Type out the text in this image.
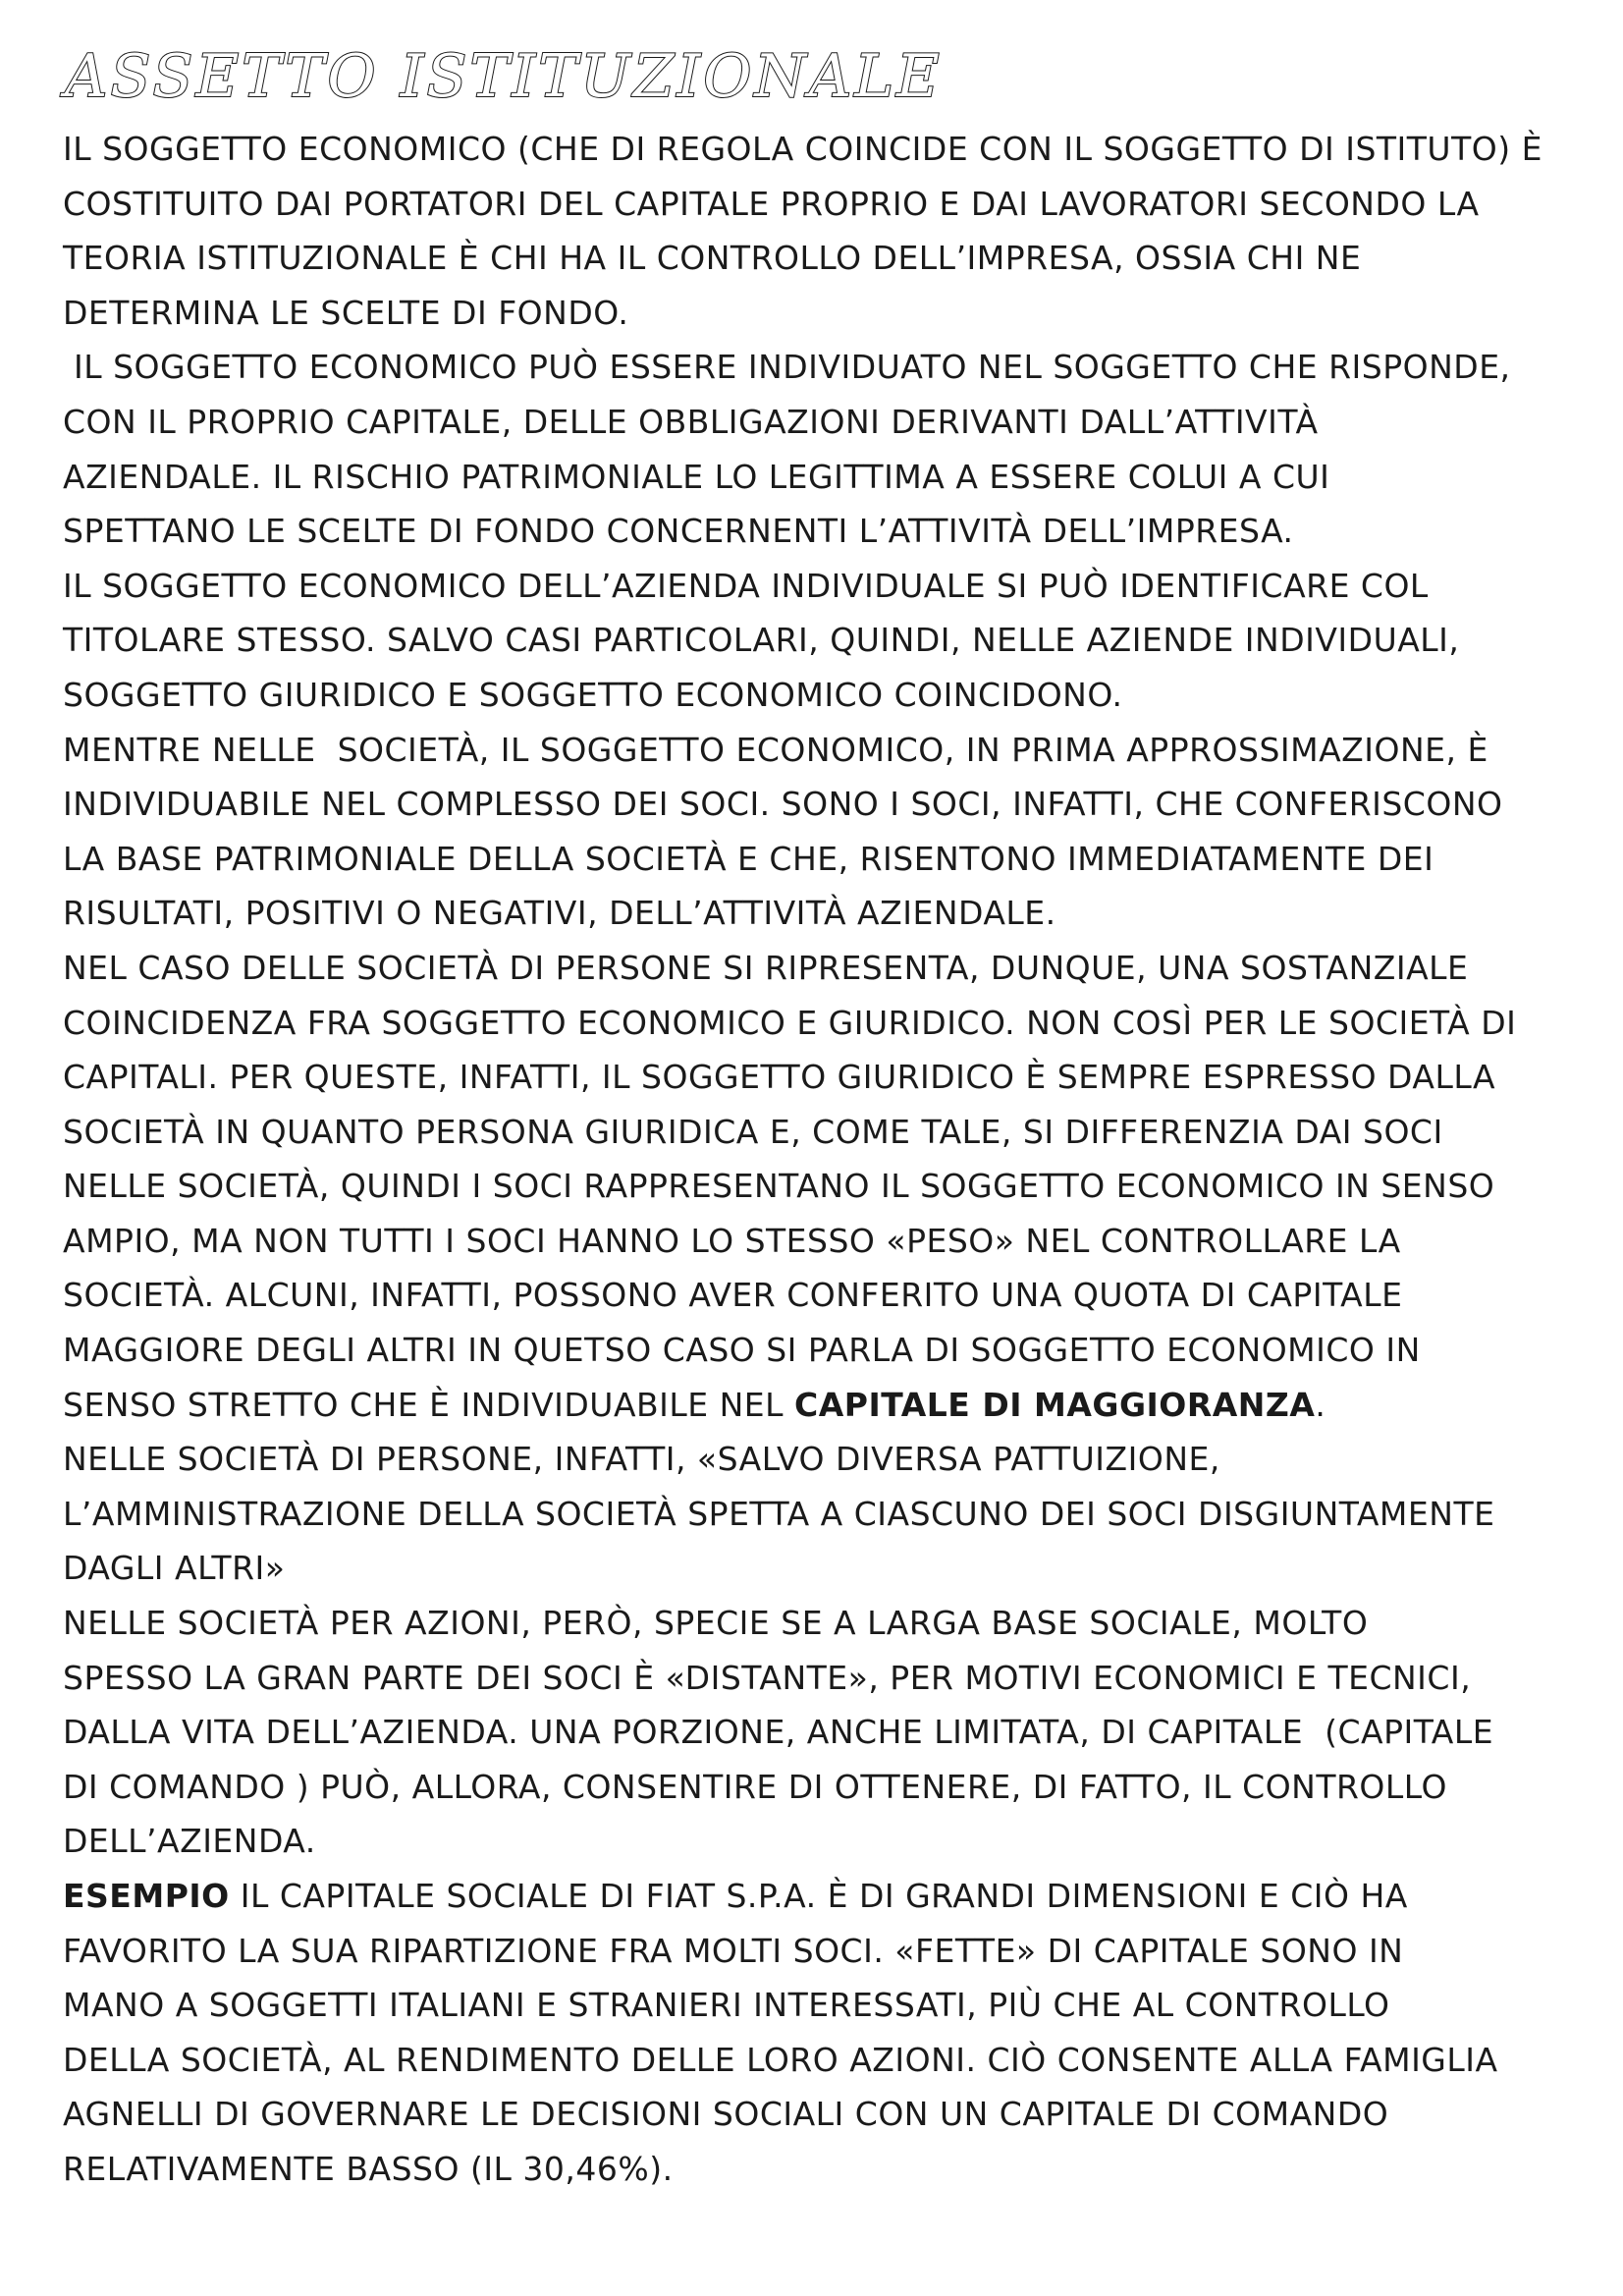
ASSETTO ISTITUZIONALE
IL SOGGETTO ECONOMICO (CHE DI REGOLA COINCIDE CON IL SOGGETTO DI ISTITUTO) È
COSTITUITO DAI PORTATORI DEL CAPITALE PROPRIO E DAI LAVORATORI SECONDO LA
TEORIA ISTITUZIONALE È CHI HA IL CONTROLLO DELL’IMPRESA, OSSIA CHI NE
DETERMINA LE SCELTE DI FONDO.
IL SOGGETTO ECONOMICO PUÒ ESSERE INDIVIDUATO NEL SOGGETTO CHE RISPONDE,
CON IL PROPRIO CAPITALE, DELLE OBBLIGAZIONI DERIVANTI DALL’ATTIVITÀ
AZIENDALE. IL RISCHIO PATRIMONIALE LO LEGITTIMA A ESSERE COLUI A CUI
SPETTANO LE SCELTE DI FONDO CONCERNENTI L’ATTIVITÀ DELL’IMPRESA.
IL SOGGETTO ECONOMICO DELL’AZIENDA INDIVIDUALE SI PUÒ IDENTIFICARE COL
TITOLARE STESSO. SALVO CASI PARTICOLARI, QUINDI, NELLE AZIENDE INDIVIDUALI,
SOGGETTO GIURIDICO E SOGGETTO ECONOMICO COINCIDONO.
MENTRE NELLE  SOCIETÀ, IL SOGGETTO ECONOMICO, IN PRIMA APPROSSIMAZIONE, È
INDIVIDUABILE NEL COMPLESSO DEI SOCI. SONO I SOCI, INFATTI, CHE CONFERISCONO
LA BASE PATRIMONIALE DELLA SOCIETÀ E CHE, RISENTONO IMMEDIATAMENTE DEI
RISULTATI, POSITIVI O NEGATIVI, DELL’ATTIVITÀ AZIENDALE.
NEL CASO DELLE SOCIETÀ DI PERSONE SI RIPRESENTA, DUNQUE, UNA SOSTANZIALE
COINCIDENZA FRA SOGGETTO ECONOMICO E GIURIDICO. NON COSÌ PER LE SOCIETÀ DI
CAPITALI. PER QUESTE, INFATTI, IL SOGGETTO GIURIDICO È SEMPRE ESPRESSO DALLA
SOCIETÀ IN QUANTO PERSONA GIURIDICA E, COME TALE, SI DIFFERENZIA DAI SOCI
NELLE SOCIETÀ, QUINDI I SOCI RAPPRESENTANO IL SOGGETTO ECONOMICO IN SENSO
AMPIO, MA NON TUTTI I SOCI HANNO LO STESSO «PESO» NEL CONTROLLARE LA
SOCIETÀ. ALCUNI, INFATTI, POSSONO AVER CONFERITO UNA QUOTA DI CAPITALE
MAGGIORE DEGLI ALTRI IN QUETSO CASO SI PARLA DI SOGGETTO ECONOMICO IN
SENSO STRETTO CHE È INDIVIDUABILE NEL CAPITALE DI MAGGIORANZA.
NELLE SOCIETÀ DI PERSONE, INFATTI, «SALVO DIVERSA PATTUIZIONE,
L’AMMINISTRAZIONE DELLA SOCIETÀ SPETTA A CIASCUNO DEI SOCI DISGIUNTAMENTE
DAGLI ALTRI»
NELLE SOCIETÀ PER AZIONI, PERÒ, SPECIE SE A LARGA BASE SOCIALE, MOLTO
SPESSO LA GRAN PARTE DEI SOCI È «DISTANTE», PER MOTIVI ECONOMICI E TECNICI,
DALLA VITA DELL’AZIENDA. UNA PORZIONE, ANCHE LIMITATA, DI CAPITALE  (CAPITALE
DI COMANDO ) PUÒ, ALLORA, CONSENTIRE DI OTTENERE, DI FATTO, IL CONTROLLO
DELL’AZIENDA.
ESEMPIO IL CAPITALE SOCIALE DI FIAT S.P.A. È DI GRANDI DIMENSIONI E CIÒ HA
FAVORITO LA SUA RIPARTIZIONE FRA MOLTI SOCI. «FETTE» DI CAPITALE SONO IN
MANO A SOGGETTI ITALIANI E STRANIERI INTERESSATI, PIÙ CHE AL CONTROLLO
DELLA SOCIETÀ, AL RENDIMENTO DELLE LORO AZIONI. CIÒ CONSENTE ALLA FAMIGLIA
AGNELLI DI GOVERNARE LE DECISIONI SOCIALI CON UN CAPITALE DI COMANDO
RELATIVAMENTE BASSO (IL 30,46%).
